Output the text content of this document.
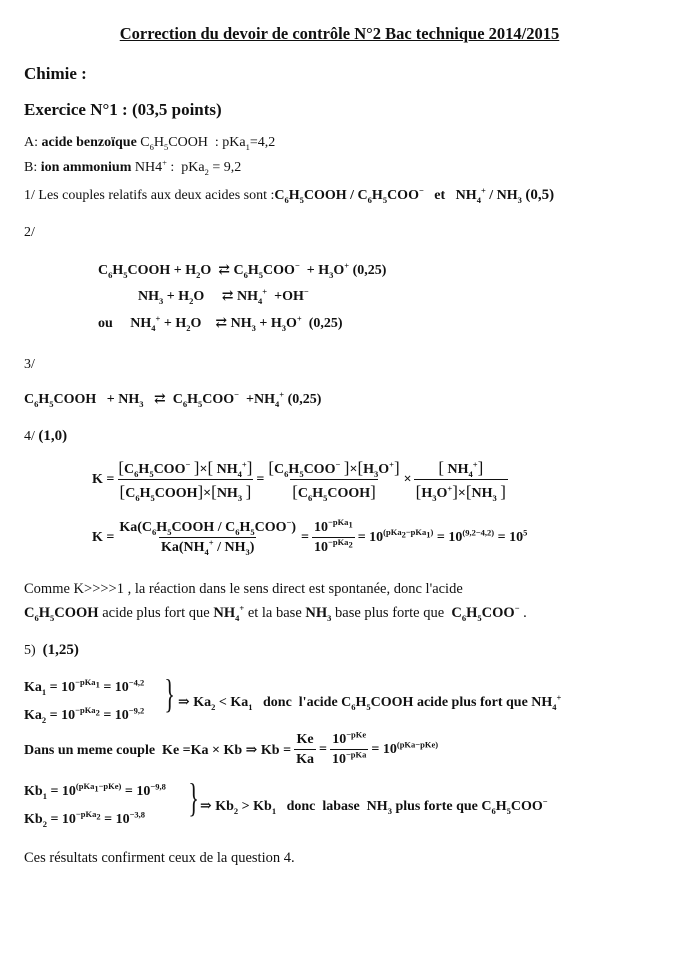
Correction du devoir de contrôle N°2 Bac technique 2014/2015
Chimie :
Exercice N°1 : (03,5 points)
A: acide benzoïque $C_6H_5COOH$  : pKa$_1$=4,2
B: ion ammonium NH4+ :  pKa$_2$ = 9,2
1/ Les couples relatifs aux deux acides sont $:C_6H_5COOH / C_6H_5COO^-$   et   $NH_4^+ / NH_3$ (0,5)
2/
$C_6H_5COOH + H_2O$  ⇄ $C_6H_5COO^- + H_3O^+$ (0,25)
$NH_3 + H_2O$     ⇄ $NH_4^+ +OH^-$
ou     $NH_4^+ + H_2O$    ⇄ $NH_3 + H_3O^+$  (0,25)
3/
$C_6H_5COOH + NH_3$   ⇄  $C_6H_5COO^- +NH_4^+$ (0,25)
4/ (1,0)
$K = \frac{[C_6H_5COO^- ]\times[ NH_4^+]}{[C_6H_5COOH]\times[NH_3 ]} = \frac{[C_6H_5COO^- ]\times[H_3O^+]}{[C_6H_5COOH]} \times \frac{[ NH_4^+]}{[H_3O^+]\times[NH_3 ]}$
$K = \frac{Ka(C_6H_5COOH / C_6H_5COO^-)}{Ka(NH_4^+ / NH_3)} = \frac{10^{-pKa_1}}{10^{-pKa_2}} = 10^{(pKa_2-pKa_1)} = 10^{(9,2-4,2)} = 10^5$
Comme K>>>>1 , la réaction dans le sens direct est spontanée, donc l'acide
$C_6H_5COOH$ acide plus fort que $NH_4^+$ et la base $NH_3$ base plus forte que  $C_6H_5COO^-$ .
5)  (1,25)
$Ka_1 = 10^{-pKa_1} = 10^{-4,2}$
$Ka_2 = 10^{-pKa_2} = 10^{-9,2}$ } ⇒ $Ka_2 < Ka_1$   donc  l'acide $C_6H_5COOH$ acide plus fort que $NH_4^+$
Dans un meme couple  Ke =Ka × Kb ⇒ $Kb = \frac{Ke}{Ka} = \frac{10^{-pKe}}{10^{-pKa}} = 10^{(pKa-pKe)}$
$Kb_1 = 10^{(pKa_1-pKe)} = 10^{-9,8}$
$Kb_2 = 10^{-pKa_2} = 10^{-3,8}$ } ⇒ $Kb_2 > Kb_1$   donc  labase  $NH_3$ plus forte que $C_6H_5COO^-$
Ces résultats confirment ceux de la question 4.
